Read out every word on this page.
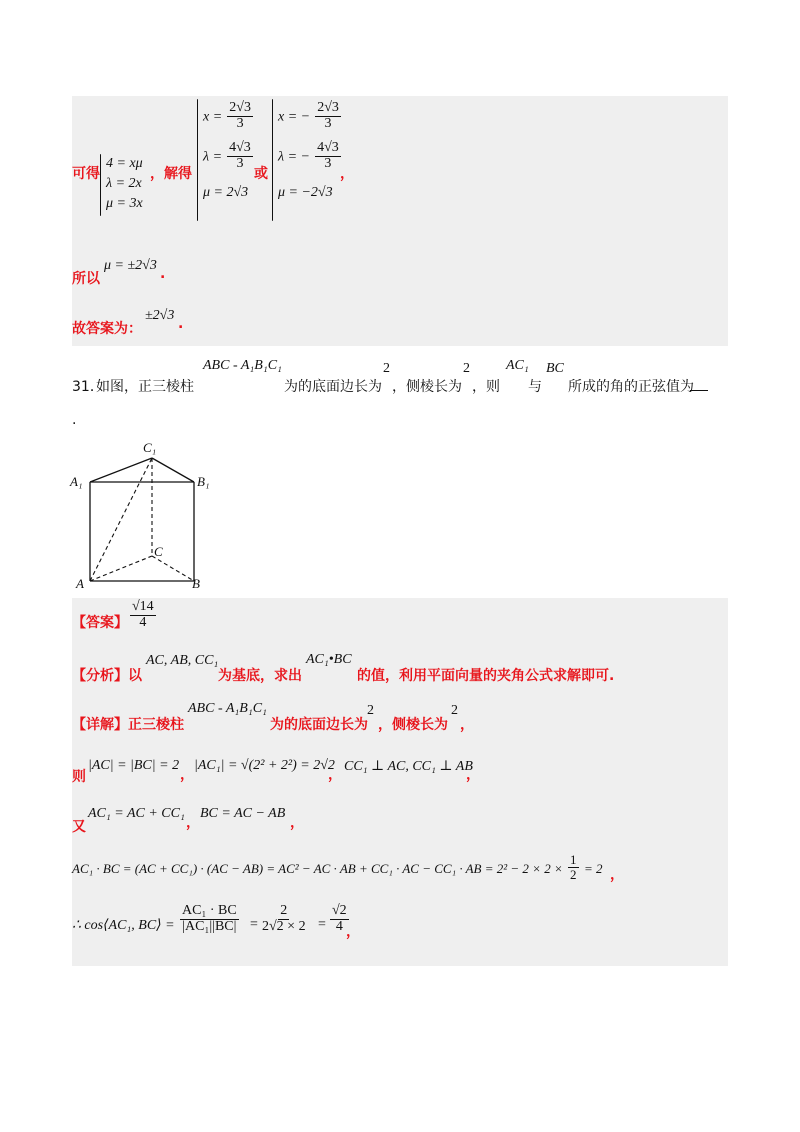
可得
4 = xμ
λ = 2x
μ = 3x
，解得
$x = \frac{2√3}{3}$
$\lambda = \frac{4√3}{3}$
μ = 2√3
或
x = − $\frac{2√3}{3}$
λ = − $\frac{4√3}{3}$
μ = −2√3
，
所以
μ = ±2√3
.
故答案为：
±2√3
.
31．
如图，正三棱柱
ABC - A₁B₁C₁
为的底面边长为
2
，侧棱长为
2
，则
AC₁
与
BC
所成的角的正弦值为
.
C₁
A₁	B₁
C
A	B
【答案】 $\frac{√14}{4}$
【分析】以
AC, AB, CC₁
为基底，求出
AC₁•BC
的值，利用平面向量的夹角公式求解即可.
【详解】正三棱柱
ABC - A₁B₁C₁
为的底面边长为
2
，侧棱长为
2
，
则
|AC| = |BC| = 2
，
|AC₁| = √(2² + 2²) = 2√2
，
CC₁ ⊥ AC, CC₁ ⊥ AB
，
又
AC₁ = AC + CC₁
，
BC = AC − AB
，
AC₁ · BC = (AC + CC₁) · (AC − AB) = AC² − AC · AB + CC₁ · AC − CC₁ · AB = $2^2 - 2 \times 2 \times \frac{1}{2} = 2$ ，
∴ cos⟨AC₁, BC⟩ = $\frac{\text{AC₁ · BC}}{\text{|AC₁||BC|}} = \frac{2}{2√2 \times 2} = \frac{√2}{4}$
，
